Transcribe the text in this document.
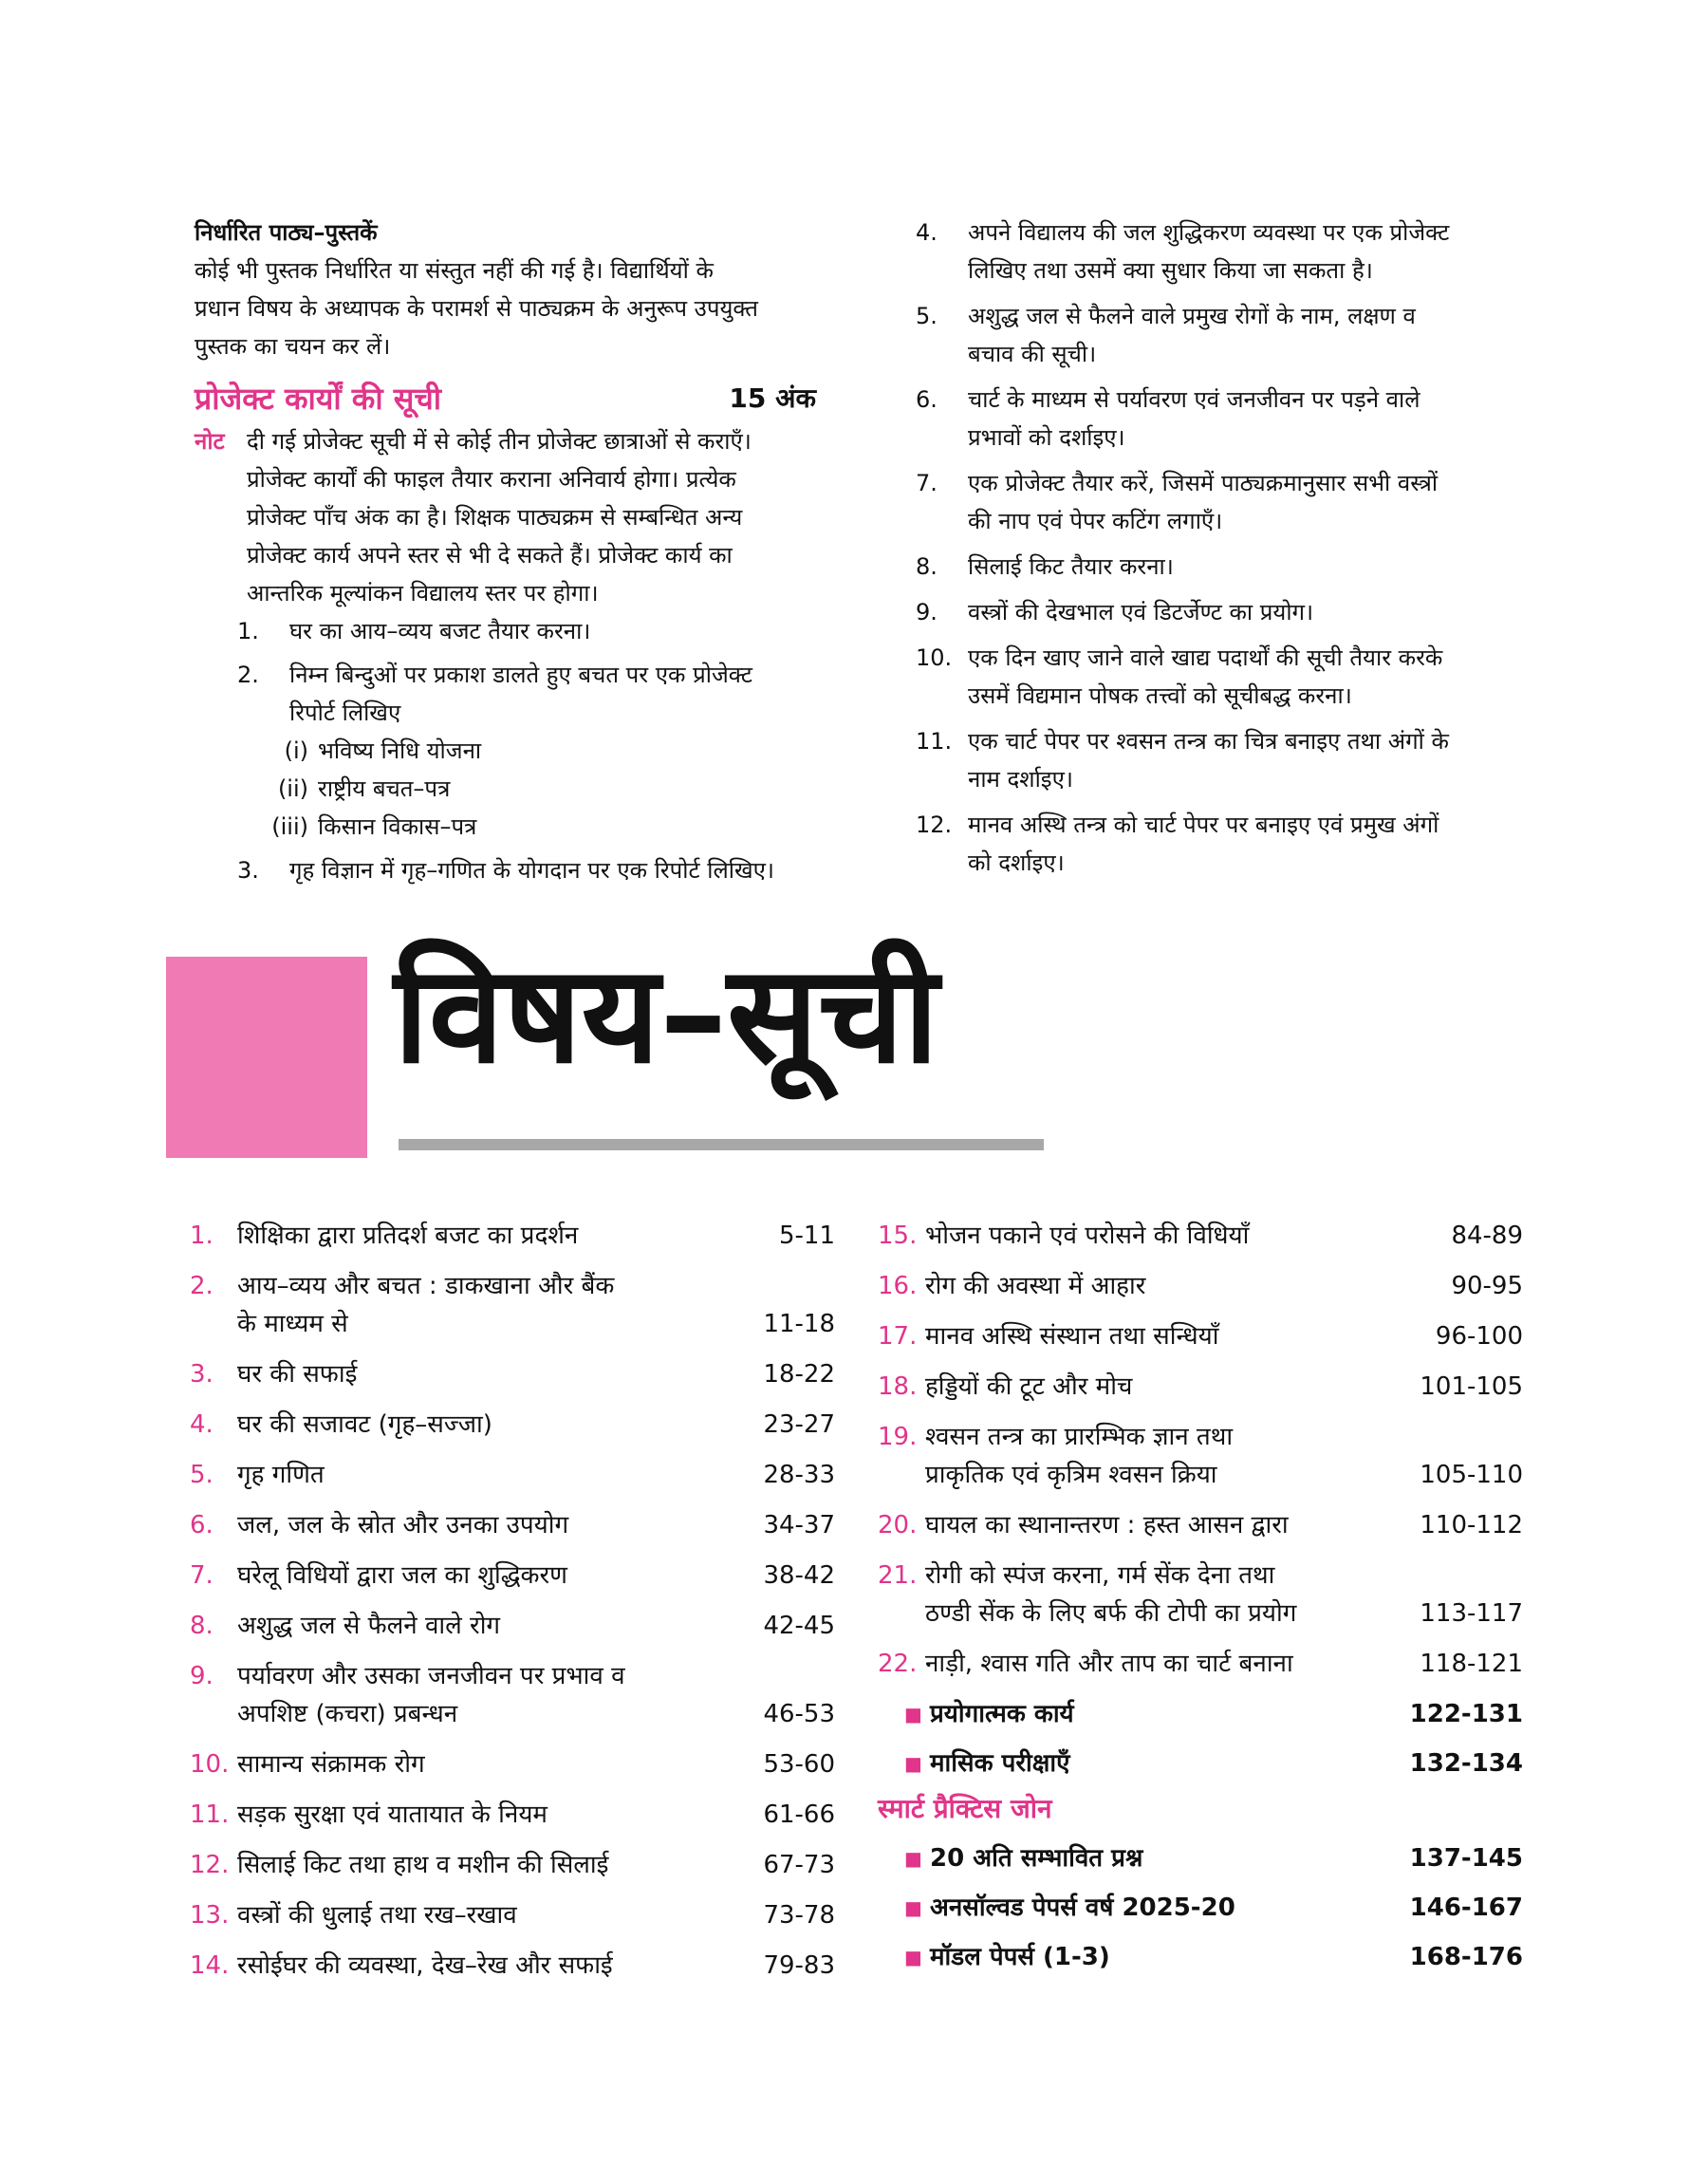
निर्धारित पाठ्य–पुस्तकें
कोई भी पुस्तक निर्धारित या संस्तुत नहीं की गई है। विद्यार्थियों के
प्रधान विषय के अध्यापक के परामर्श से पाठ्यक्रम के अनुरूप उपयुक्त
पुस्तक का चयन कर लें।
प्रोजेक्ट कार्यों की सूची	15 अंक
नोट दी गई प्रोजेक्ट सूची में से कोई तीन प्रोजेक्ट छात्राओं से कराएँ।
प्रोजेक्ट कार्यों की फाइल तैयार कराना अनिवार्य होगा। प्रत्येक
प्रोजेक्ट पाँच अंक का है। शिक्षक पाठ्यक्रम से सम्बन्धित अन्य
प्रोजेक्ट कार्य अपने स्तर से भी दे सकते हैं। प्रोजेक्ट कार्य का
आन्तरिक मूल्यांकन विद्यालय स्तर पर होगा।
1. घर का आय–व्यय बजट तैयार करना।
2. निम्न बिन्दुओं पर प्रकाश डालते हुए बचत पर एक प्रोजेक्ट
रिपोर्ट लिखिए
(i) भविष्य निधि योजना
(ii) राष्ट्रीय बचत–पत्र
(iii) किसान विकास–पत्र
3. गृह विज्ञान में गृह–गणित के योगदान पर एक रिपोर्ट लिखिए।
4. अपने विद्यालय की जल शुद्धिकरण व्यवस्था पर एक प्रोजेक्ट
लिखिए तथा उसमें क्या सुधार किया जा सकता है।
5. अशुद्ध जल से फैलने वाले प्रमुख रोगों के नाम, लक्षण व
बचाव की सूची।
6. चार्ट के माध्यम से पर्यावरण एवं जनजीवन पर पड़ने वाले
प्रभावों को दर्शाइए।
7. एक प्रोजेक्ट तैयार करें, जिसमें पाठ्यक्रमानुसार सभी वस्त्रों
की नाप एवं पेपर कटिंग लगाएँ।
8. सिलाई किट तैयार करना।
9. वस्त्रों की देखभाल एवं डिटर्जेण्ट का प्रयोग।
10. एक दिन खाए जाने वाले खाद्य पदार्थों की सूची तैयार करके
उसमें विद्यमान पोषक तत्त्वों को सूचीबद्ध करना।
11. एक चार्ट पेपर पर श्वसन तन्त्र का चित्र बनाइए तथा अंगों के
नाम दर्शाइए।
12. मानव अस्थि तन्त्र को चार्ट पेपर पर बनाइए एवं प्रमुख अंगों
को दर्शाइए।
विषय–सूची
1. शिक्षिका द्वारा प्रतिदर्श बजट का प्रदर्शन	5-11
2. आय–व्यय और बचत : डाकखाना और बैंक
के माध्यम से	11-18
3. घर की सफाई	18-22
4. घर की सजावट (गृह–सज्जा)	23-27
5. गृह गणित	28-33
6. जल, जल के स्रोत और उनका उपयोग	34-37
7. घरेलू विधियों द्वारा जल का शुद्धिकरण	38-42
8. अशुद्ध जल से फैलने वाले रोग	42-45
9. पर्यावरण और उसका जनजीवन पर प्रभाव व
अपशिष्ट (कचरा) प्रबन्धन	46-53
10. सामान्य संक्रामक रोग	53-60
11. सड़क सुरक्षा एवं यातायात के नियम	61-66
12. सिलाई किट तथा हाथ व मशीन की सिलाई	67-73
13. वस्त्रों की धुलाई तथा रख–रखाव	73-78
14. रसोईघर की व्यवस्था, देख–रेख और सफाई	79-83
15. भोजन पकाने एवं परोसने की विधियाँ	84-89
16. रोग की अवस्था में आहार	90-95
17. मानव अस्थि संस्थान तथा सन्धियाँ	96-100
18. हड्डियों की टूट और मोच	101-105
19. श्वसन तन्त्र का प्रारम्भिक ज्ञान तथा
प्राकृतिक एवं कृत्रिम श्वसन क्रिया	105-110
20. घायल का स्थानान्तरण : हस्त आसन द्वारा	110-112
21. रोगी को स्पंज करना, गर्म सेंक देना तथा
ठण्डी सेंक के लिए बर्फ की टोपी का प्रयोग	113-117
22. नाड़ी, श्वास गति और ताप का चार्ट बनाना	118-121
■ प्रयोगात्मक कार्य	122-131
■ मासिक परीक्षाएँ	132-134
स्मार्ट प्रैक्टिस जोन
■ 20 अति सम्भावित प्रश्न	137-145
■ अनसॉल्वड पेपर्स वर्ष 2025-20	146-167
■ मॉडल पेपर्स (1-3)	168-176
